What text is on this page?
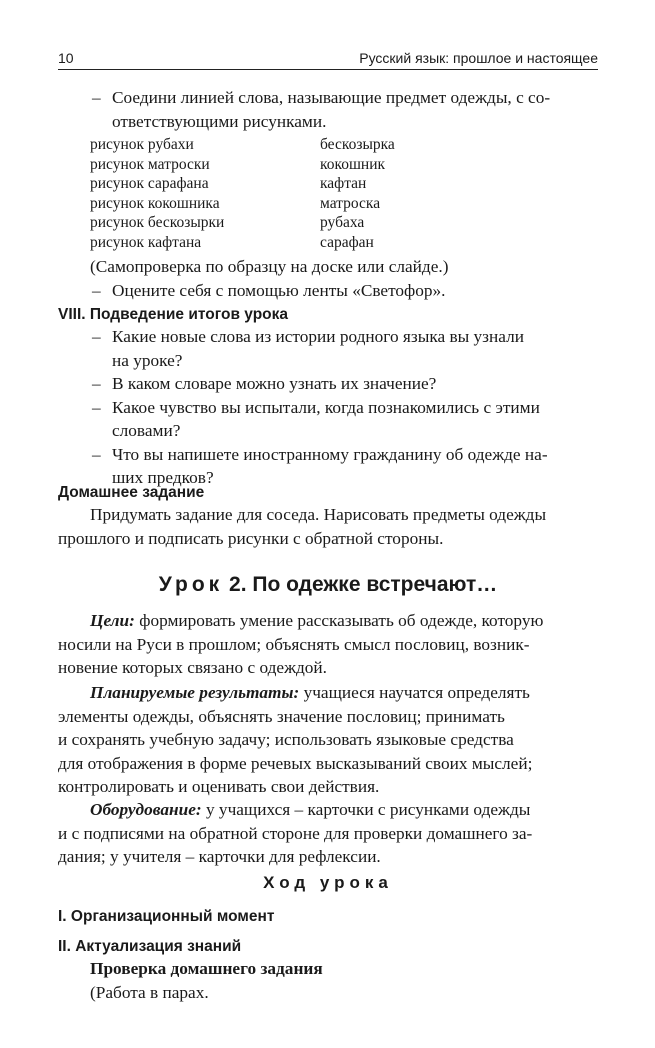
10	Русский язык: прошлое и настоящее
– Соедини линией слова, называющие предмет одежды, с со-
ответствующими рисунками.
рисунок рубахи	бескозырка
рисунок матроски	кокошник
рисунок сарафана	кафтан
рисунок кокошника	матроска
рисунок бескозырки	рубаха
рисунок кафтана	сарафан
(Самопроверка по образцу на доске или слайде.)
– Оцените себя с помощью ленты «Светофор».
VIII. Подведение итогов урока
– Какие новые слова из истории родного языка вы узнали
на уроке?
– В каком словаре можно узнать их значение?
– Какое чувство вы испытали, когда познакомились с этими
словами?
– Что вы напишете иностранному гражданину об одежде на-
ших предков?
Домашнее задание
Придумать задание для соседа. Нарисовать предметы одежды
прошлого и подписать рисунки с обратной стороны.
Урок 2. По одежке встречают…
Цели: формировать умение рассказывать об одежде, которую
носили на Руси в прошлом; объяснять смысл пословиц, возник-
новение которых связано с одеждой.
Планируемые результаты: учащиеся научатся определять
элементы одежды, объяснять значение пословиц; принимать
и сохранять учебную задачу; использовать языковые средства
для отображения в форме речевых высказываний своих мыслей;
контролировать и оценивать свои действия.
Оборудование: у учащихся – карточки с рисунками одежды
и с подписями на обратной стороне для проверки домашнего за-
дания; у учителя – карточки для рефлексии.
Ход урока
I. Организационный момент
II. Актуализация знаний
Проверка домашнего задания
(Работа в парах.
